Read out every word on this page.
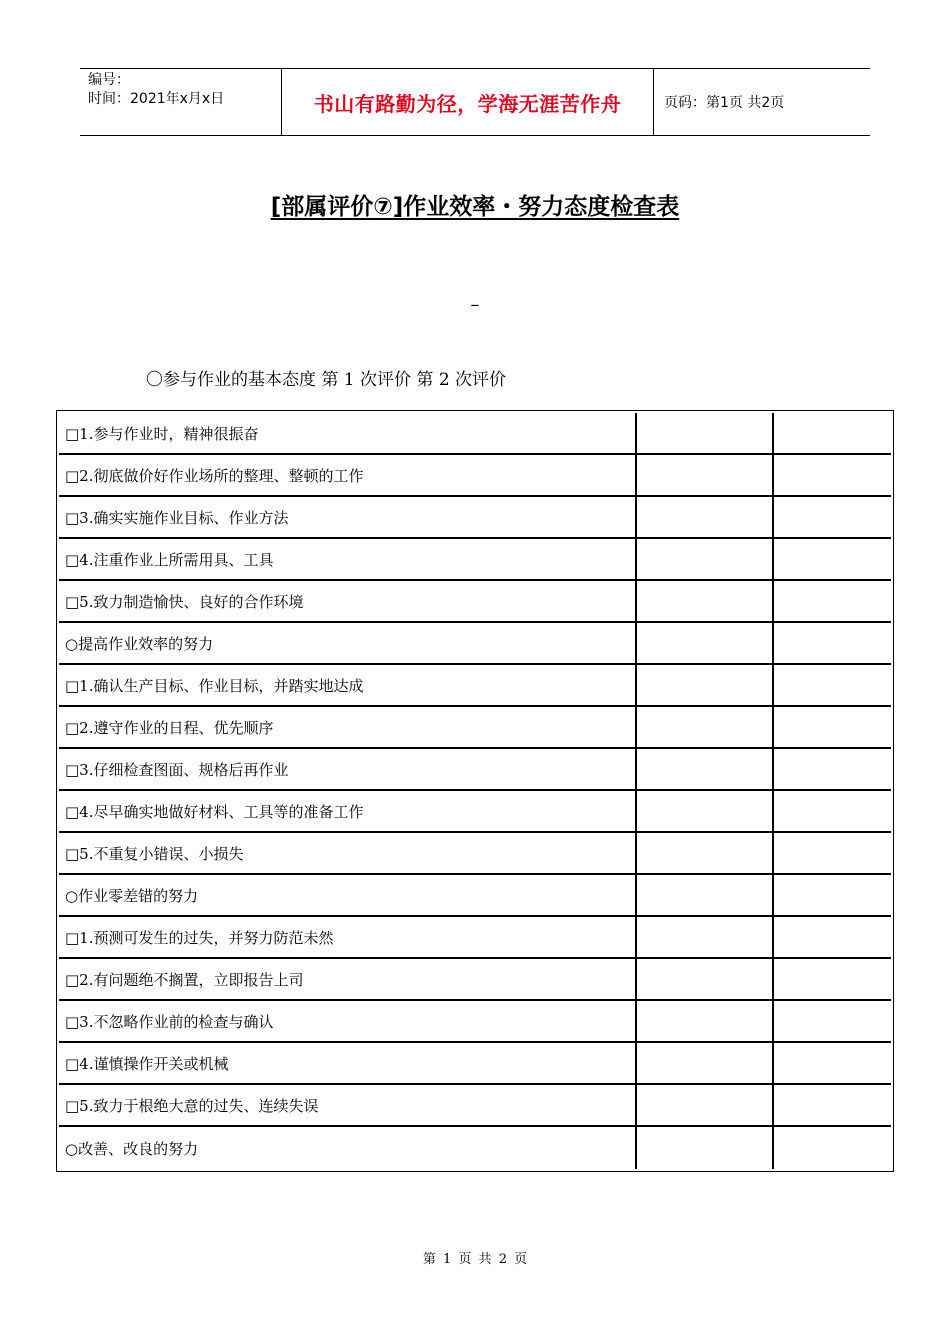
编号：
时间：2021年x月x日	书山有路勤为径，学海无涯苦作舟	页码：第1页 共2页
[部属评价⑦]作业效率・努力态度检查表
–
〇参与作业的基本态度 第 1 次评价 第 2 次评价
□1.参与作业时，精神很振奋		
□2.彻底做价好作业场所的整理、整顿的工作		
□3.确实实施作业目标、作业方法		
□4.注重作业上所需用具、工具		
□5.致力制造愉快、良好的合作环境		
○提高作业效率的努力		
□1.确认生产目标、作业目标，并踏实地达成		
□2.遵守作业的日程、优先顺序		
□3.仔细检查图面、规格后再作业		
□4.尽早确实地做好材料、工具等的准备工作		
□5.不重复小错误、小损失		
○作业零差错的努力		
□1.预测可发生的过失，并努力防范未然		
□2.有问题绝不搁置，立即报告上司		
□3.不忽略作业前的检查与确认		
□4.谨慎操作开关或机械		
□5.致力于根绝大意的过失、连续失误		
○改善、改良的努力		
第 1 页 共 2 页
